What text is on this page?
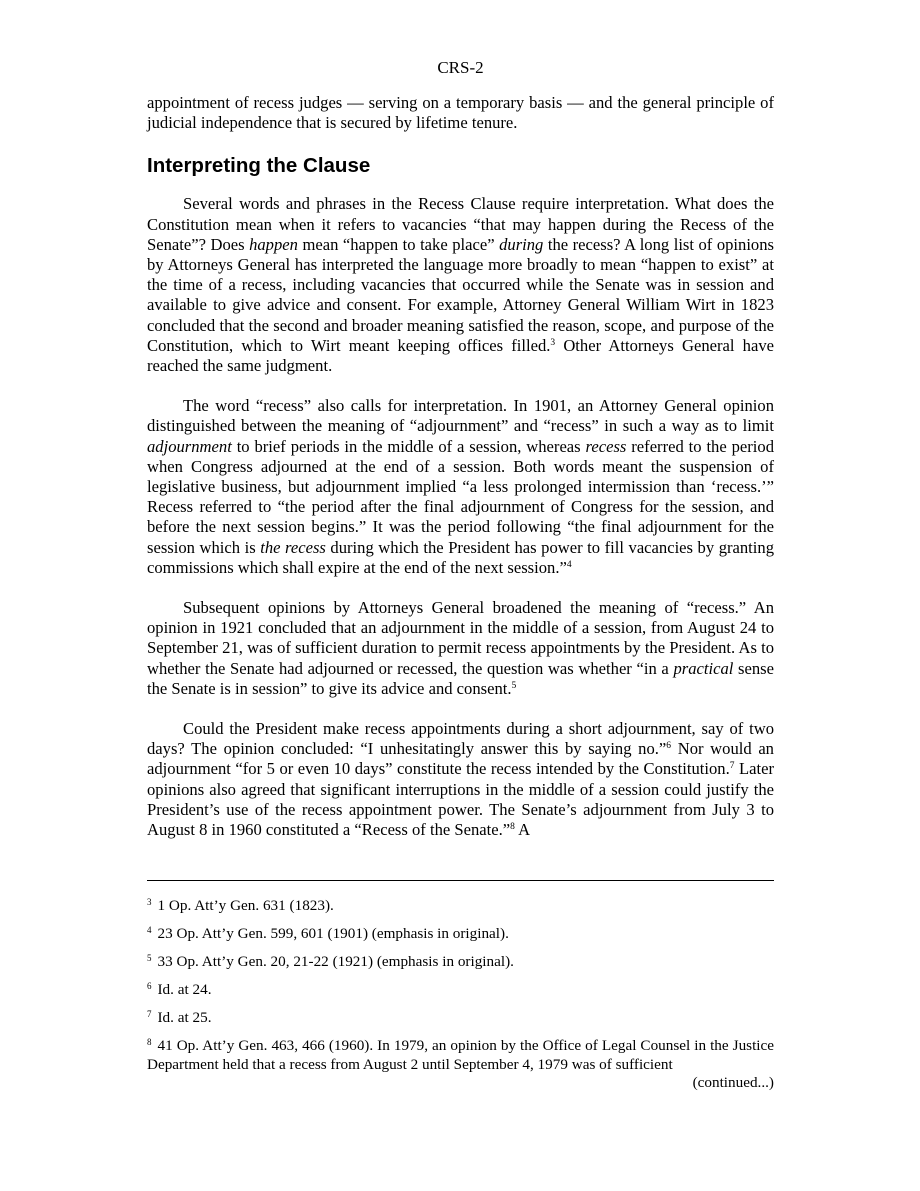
CRS-2

appointment of recess judges — serving on a temporary basis — and the general principle of judicial independence that is secured by lifetime tenure.

Interpreting the Clause

Several words and phrases in the Recess Clause require interpretation. What does the Constitution mean when it refers to vacancies “that may happen during the Recess of the Senate”? Does happen mean “happen to take place” during the recess? A long list of opinions by Attorneys General has interpreted the language more broadly to mean “happen to exist” at the time of a recess, including vacancies that occurred while the Senate was in session and available to give advice and consent. For example, Attorney General William Wirt in 1823 concluded that the second and broader meaning satisfied the reason, scope, and purpose of the Constitution, which to Wirt meant keeping offices filled.$^3$ Other Attorneys General have reached the same judgment.

The word “recess” also calls for interpretation. In 1901, an Attorney General opinion distinguished between the meaning of “adjournment” and “recess” in such a way as to limit adjournment to brief periods in the middle of a session, whereas recess referred to the period when Congress adjourned at the end of a session. Both words meant the suspension of legislative business, but adjournment implied “a less prolonged intermission than ‘recess.’” Recess referred to “the period after the final adjournment of Congress for the session, and before the next session begins.” It was the period following “the final adjournment for the session which is the recess during which the President has power to fill vacancies by granting commissions which shall expire at the end of the next session.”$^4$

Subsequent opinions by Attorneys General broadened the meaning of “recess.” An opinion in 1921 concluded that an adjournment in the middle of a session, from August 24 to September 21, was of sufficient duration to permit recess appointments by the President. As to whether the Senate had adjourned or recessed, the question was whether “in a practical sense the Senate is in session” to give its advice and consent.$^5$

Could the President make recess appointments during a short adjournment, say of two days? The opinion concluded: “I unhesitatingly answer this by saying no.”$^6$ Nor would an adjournment “for 5 or even 10 days” constitute the recess intended by the Constitution.$^7$ Later opinions also agreed that significant interruptions in the middle of a session could justify the President’s use of the recess appointment power. The Senate’s adjournment from July 3 to August 8 in 1960 constituted a “Recess of the Senate.”$^8$ A

$^3$ 1 Op. Att’y Gen. 631 (1823).

$^4$ 23 Op. Att’y Gen. 599, 601 (1901) (emphasis in original).

$^5$ 33 Op. Att’y Gen. 20, 21-22 (1921) (emphasis in original).

$^6$ Id. at 24.

$^7$ Id. at 25.

$^8$ 41 Op. Att’y Gen. 463, 466 (1960). In 1979, an opinion by the Office of Legal Counsel in the Justice Department held that a recess from August 2 until September 4, 1979 was of sufficient

(continued...)
